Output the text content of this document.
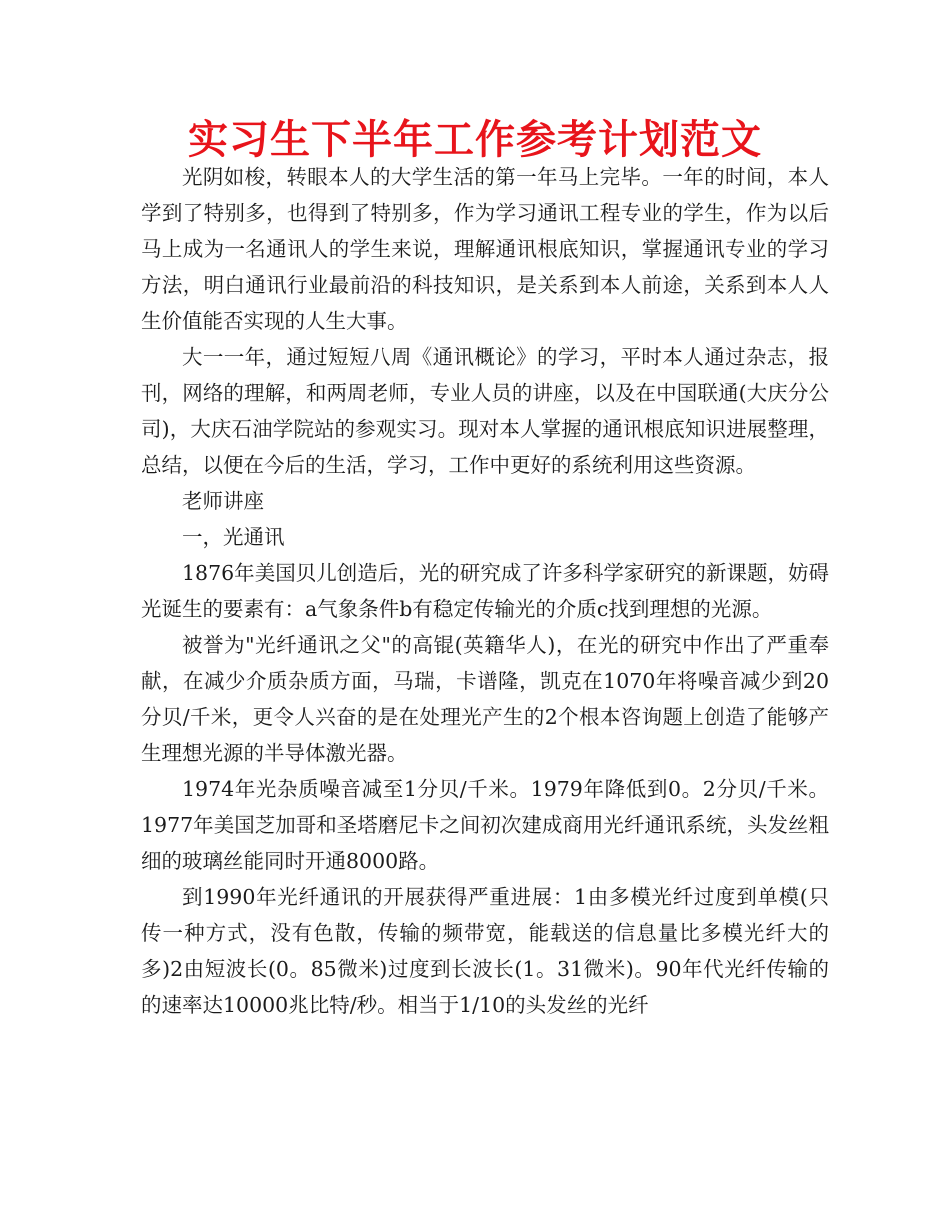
实习生下半年工作参考计划范文

光阴如梭，转眼本人的大学生活的第一年马上完毕。一年的时间，本人学到了特别多，也得到了特别多，作为学习通讯工程专业的学生，作为以后马上成为一名通讯人的学生来说，理解通讯根底知识，掌握通讯专业的学习方法，明白通讯行业最前沿的科技知识，是关系到本人前途，关系到本人人生价值能否实现的人生大事。

大一一年，通过短短八周《通讯概论》的学习，平时本人通过杂志，报刊，网络的理解，和两周老师，专业人员的讲座，以及在中国联通(大庆分公司)，大庆石油学院站的参观实习。现对本人掌握的通讯根底知识进展整理，总结，以便在今后的生活，学习，工作中更好的系统利用这些资源。

老师讲座

一，光通讯

1876年美国贝儿创造后，光的研究成了许多科学家研究的新课题，妨碍光诞生的要素有：a气象条件b有稳定传输光的介质c找到理想的光源。

被誉为"光纤通讯之父"的高锟(英籍华人)，在光的研究中作出了严重奉献，在减少介质杂质方面，马瑞，卡谱隆，凯克在1070年将噪音减少到20分贝/千米，更令人兴奋的是在处理光产生的2个根本咨询题上创造了能够产生理想光源的半导体激光器。

1974年光杂质噪音减至1分贝/千米。1979年降低到0。2分贝/千米。1977年美国芝加哥和圣塔磨尼卡之间初次建成商用光纤通讯系统，头发丝粗细的玻璃丝能同时开通8000路。

到1990年光纤通讯的开展获得严重进展：1由多模光纤过度到单模(只传一种方式，没有色散，传输的频带宽，能载送的信息量比多模光纤大的多)2由短波长(0。85微米)过度到长波长(1。31微米)。90年代光纤传输的的速率达10000兆比特/秒。相当于1/10的头发丝的光纤
